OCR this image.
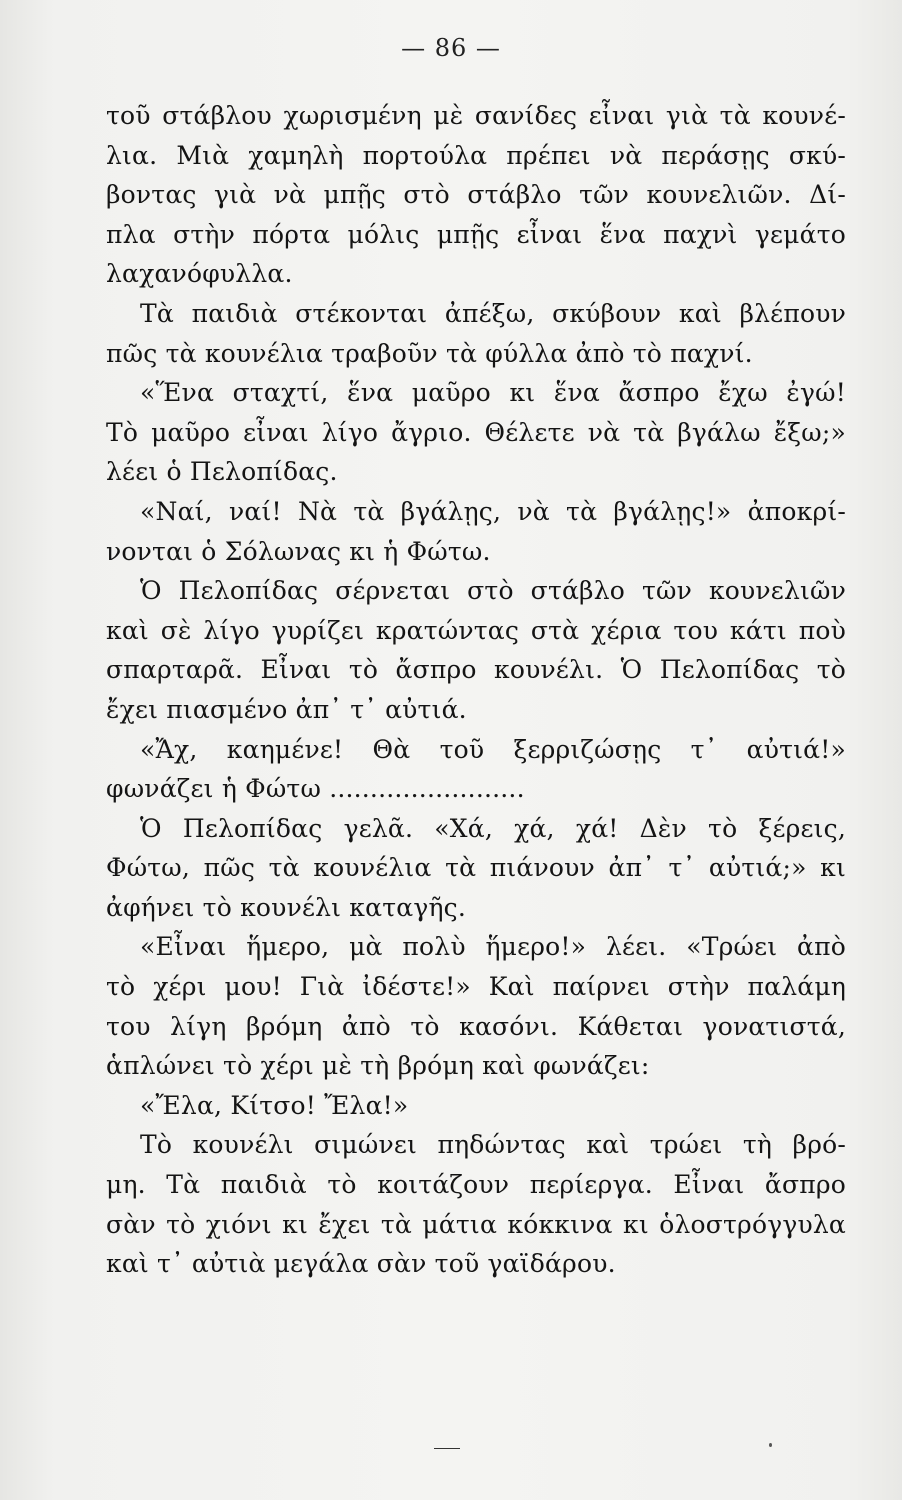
— 86 —
τοῦ στάβλου χωρισμένη μὲ σανίδες εἶναι γιὰ τὰ κουνέ-
λια. Μιὰ χαμηλὴ πορτούλα πρέπει νὰ περάσῃς σκύ-
βοντας γιὰ νὰ μπῇς στὸ στάβλο τῶν κουνελιῶν. Δί-
πλα στὴν πόρτα μόλις μπῇς εἶναι ἕνα παχνὶ γεμάτο
λαχανόφυλλα.
Τὰ παιδιὰ στέκονται ἀπέξω, σκύβουν καὶ βλέπουν
πῶς τὰ κουνέλια τραβοῦν τὰ φύλλα ἀπὸ τὸ παχνί.
«Ἕνα σταχτί, ἕνα μαῦρο κι ἕνα ἄσπρο ἔχω ἐγώ!
Τὸ μαῦρο εἶναι λίγο ἄγριο. Θέλετε νὰ τὰ βγάλω ἔξω;»
λέει ὁ Πελοπίδας.
«Ναί, ναί! Νὰ τὰ βγάλῃς, νὰ τὰ βγάλῃς!» ἀποκρί-
νονται ὁ Σόλωνας κι ἡ Φώτω.
Ὁ Πελοπίδας σέρνεται στὸ στάβλο τῶν κουνελιῶν
καὶ σὲ λίγο γυρίζει κρατώντας στὰ χέρια του κάτι ποὺ
σπαρταρᾶ. Εἶναι τὸ ἄσπρο κουνέλι. Ὁ Πελοπίδας τὸ
ἔχει πιασμένο ἀπ᾿ τ᾿ αὐτιά.
«Ἄχ, καημένε! Θὰ τοῦ ξερριζώσῃς τ᾿ αὐτιά!»
φωνάζει ἡ Φώτω ........................
Ὁ Πελοπίδας γελᾶ. «Χά, χά, χά! Δὲν τὸ ξέρεις,
Φώτω, πῶς τὰ κουνέλια τὰ πιάνουν ἀπ᾿ τ᾿ αὐτιά;» κι
ἀφήνει τὸ κουνέλι καταγῆς.
«Εἶναι ἥμερο, μὰ πολὺ ἥμερο!» λέει. «Τρώει ἀπὸ
τὸ χέρι μου! Γιὰ ἰδέστε!» Καὶ παίρνει στὴν παλάμη
του λίγη βρόμη ἀπὸ τὸ κασόνι. Κάθεται γονατιστά,
ἁπλώνει τὸ χέρι μὲ τὴ βρόμη καὶ φωνάζει:
«Ἔλα, Κίτσο! Ἔλα!»
Τὸ κουνέλι σιμώνει πηδώντας καὶ τρώει τὴ βρό-
μη. Τὰ παιδιὰ τὸ κοιτάζουν περίεργα. Εἶναι ἄσπρο
σὰν τὸ χιόνι κι ἔχει τὰ μάτια κόκκινα κι ὁλοστρόγγυλα
καὶ τ᾿ αὐτιὰ μεγάλα σὰν τοῦ γαϊδάρου.
